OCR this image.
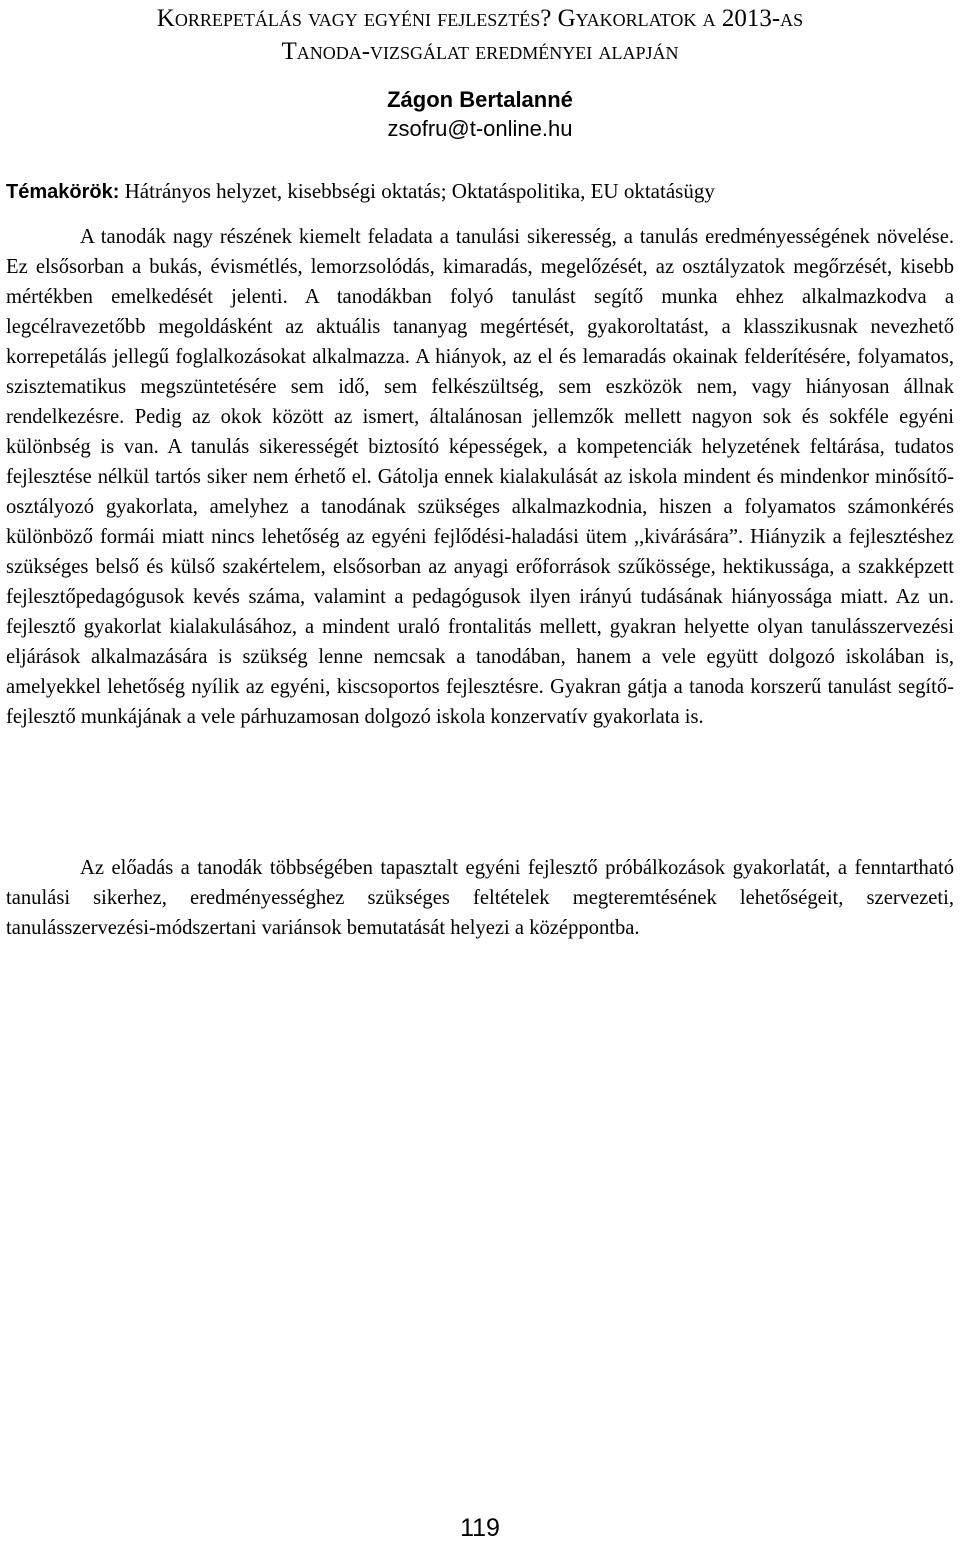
Korrepetálás vagy egyéni fejlesztés? Gyakorlatok a 2013-as
Tanoda-vizsgálat eredményei alapján
Zágon Bertalanné
zsofru@t-online.hu
Témakörök: Hátrányos helyzet, kisebbségi oktatás; Oktatáspolitika, EU oktatásügy

A tanodák nagy részének kiemelt feladata a tanulási sikeresség, a tanulás eredményességének növelése. Ez elsősorban a bukás, évismétlés, lemorzsolódás, kimaradás, megelőzését, az osztályzatok megőrzését, kisebb mértékben emelkedését jelenti. A tanodákban folyó tanulást segítő munka ehhez alkalmazkodva a legcélravezetőbb megoldásként az aktuális tananyag megértését, gyakoroltatást, a klasszikusnak nevezhető korrepetálás jellegű foglalkozásokat alkalmazza. A hiányok, az el és lemaradás okainak felderítésére, folyamatos, szisztematikus megszüntetésére sem idő, sem felkészültség, sem eszközök nem, vagy hiányosan állnak rendelkezésre. Pedig az okok között az ismert, általánosan jellemzők mellett nagyon sok és sokféle egyéni különbség is van. A tanulás sikerességét biztosító képességek, a kompetenciák helyzetének feltárása, tudatos fejlesztése nélkül tartós siker nem érhető el. Gátolja ennek kialakulását az iskola mindent és mindenkor minősítő-osztályozó gyakorlata, amelyhez a tanodának szükséges alkalmazkodnia, hiszen a folyamatos számonkérés különböző formái miatt nincs lehetőség az egyéni fejlődési-haladási ütem ,,kivárására”. Hiányzik a fejlesztéshez szükséges belső és külső szakértelem, elsősorban az anyagi erőforrások szűkössége, hektikussága, a szakképzett fejlesztőpedagógusok kevés száma, valamint a pedagógusok ilyen irányú tudásának hiányossága miatt. Az un. fejlesztő gyakorlat kialakulásához, a mindent uraló frontalitás mellett, gyakran helyette olyan tanulásszervezési eljárások alkalmazására is szükség lenne nemcsak a tanodában, hanem a vele együtt dolgozó iskolában is, amelyekkel lehetőség nyílik az egyéni, kiscsoportos fejlesztésre. Gyakran gátja a tanoda korszerű tanulást segítő-fejlesztő munkájának a vele párhuzamosan dolgozó iskola konzervatív gyakorlata is.

Az előadás a tanodák többségében tapasztalt egyéni fejlesztő próbálkozások gyakorlatát, a fenntartható tanulási sikerhez, eredményességhez szükséges feltételek megteremtésének lehetőségeit, szervezeti, tanulásszervezési-módszertani variánsok bemutatását helyezi a középpontba.

119
